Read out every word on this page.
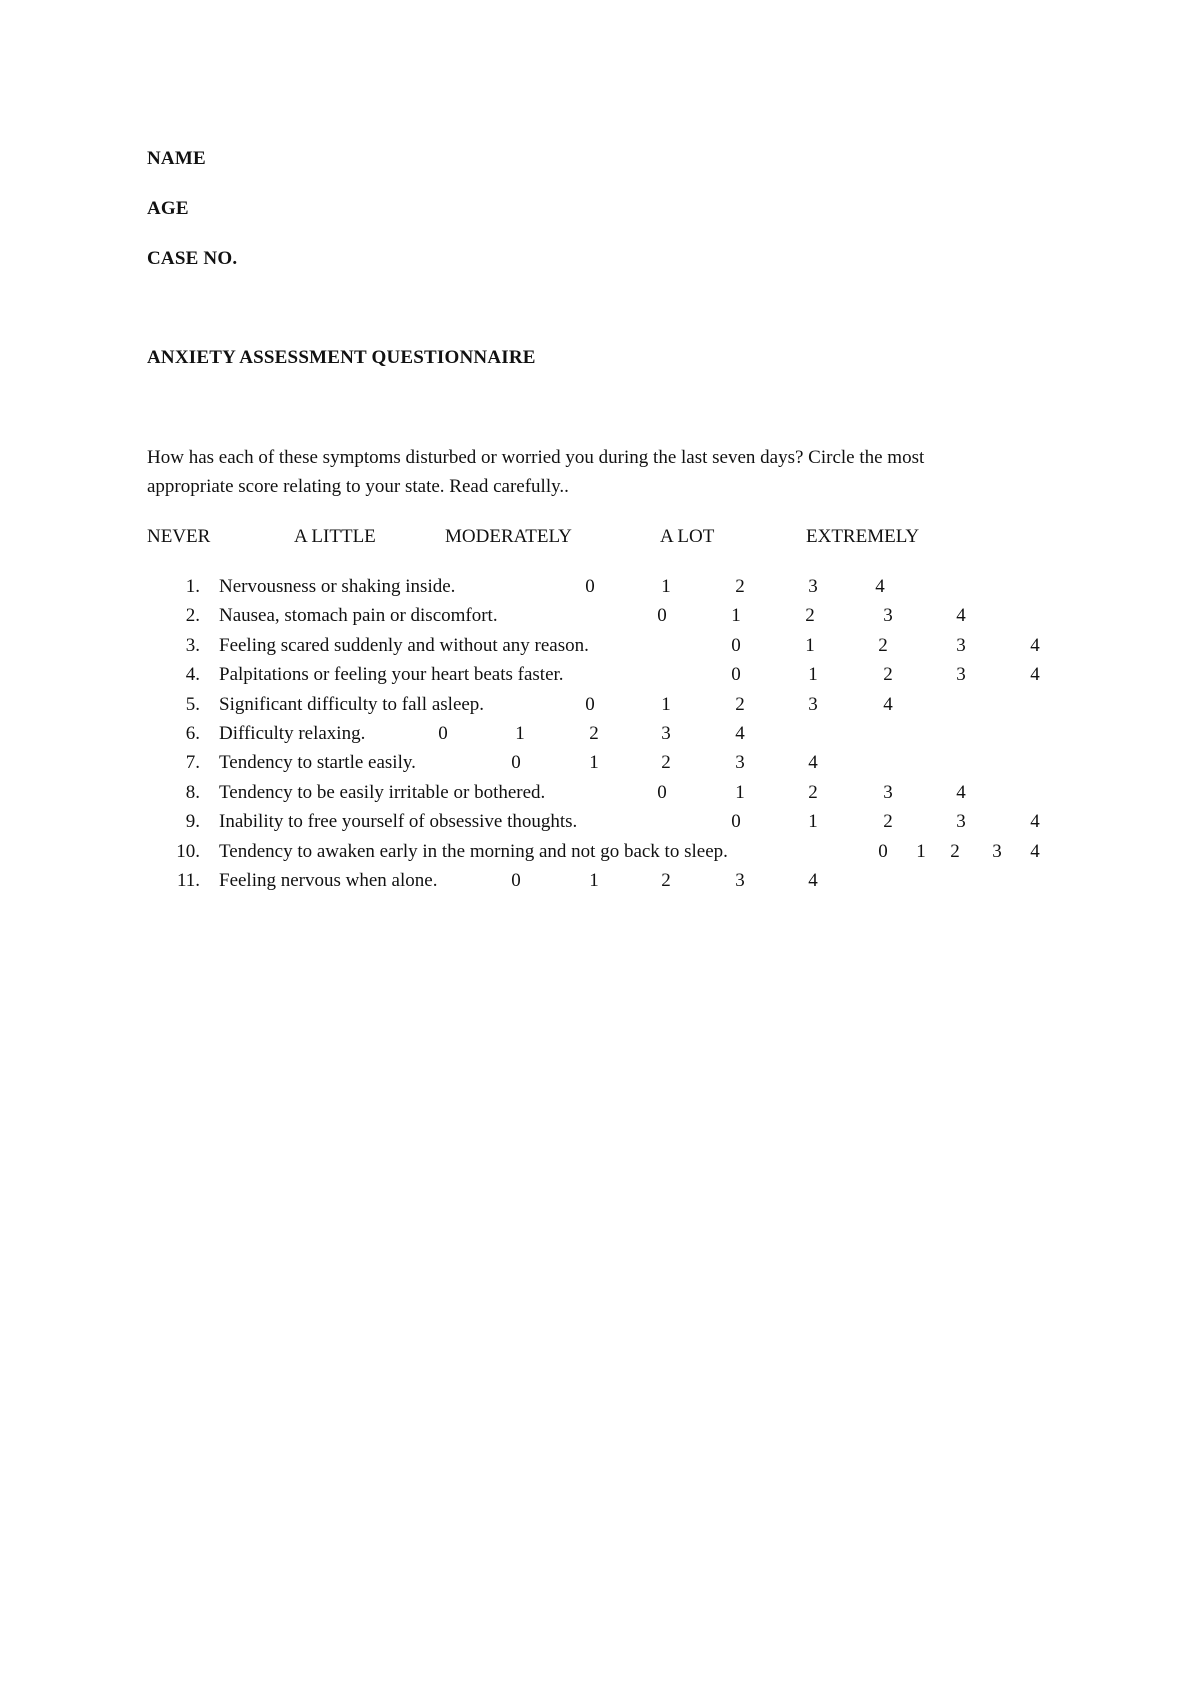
NAME
AGE
CASE NO.
ANXIETY ASSESSMENT QUESTIONNAIRE
How has each of these symptoms disturbed or worried you during the last seven days? Circle the most
appropriate score relating to your state. Read carefully..
NEVER	A LITTLE	MODERATELY	A LOT	EXTREMELY
1. Nervousness or shaking inside.	0	1	2	3	4
2. Nausea, stomach pain or discomfort.	0	1	2	3	4
3. Feeling scared suddenly and without any reason.	0	1	2	3	4
4. Palpitations or feeling your heart beats faster.	0	1	2	3	4
5. Significant difficulty to fall asleep.	0	1	2	3	4
6. Difficulty relaxing.	0	1	2	3	4
7. Tendency to startle easily.	0	1	2	3	4
8. Tendency to be easily irritable or bothered.	0	1	2	3	4
9. Inability to free yourself of obsessive thoughts.	0	1	2	3	4
10. Tendency to awaken early in the morning and not go back to sleep.	0 1 2 3 4
11. Feeling nervous when alone.	0	1	2	3	4
